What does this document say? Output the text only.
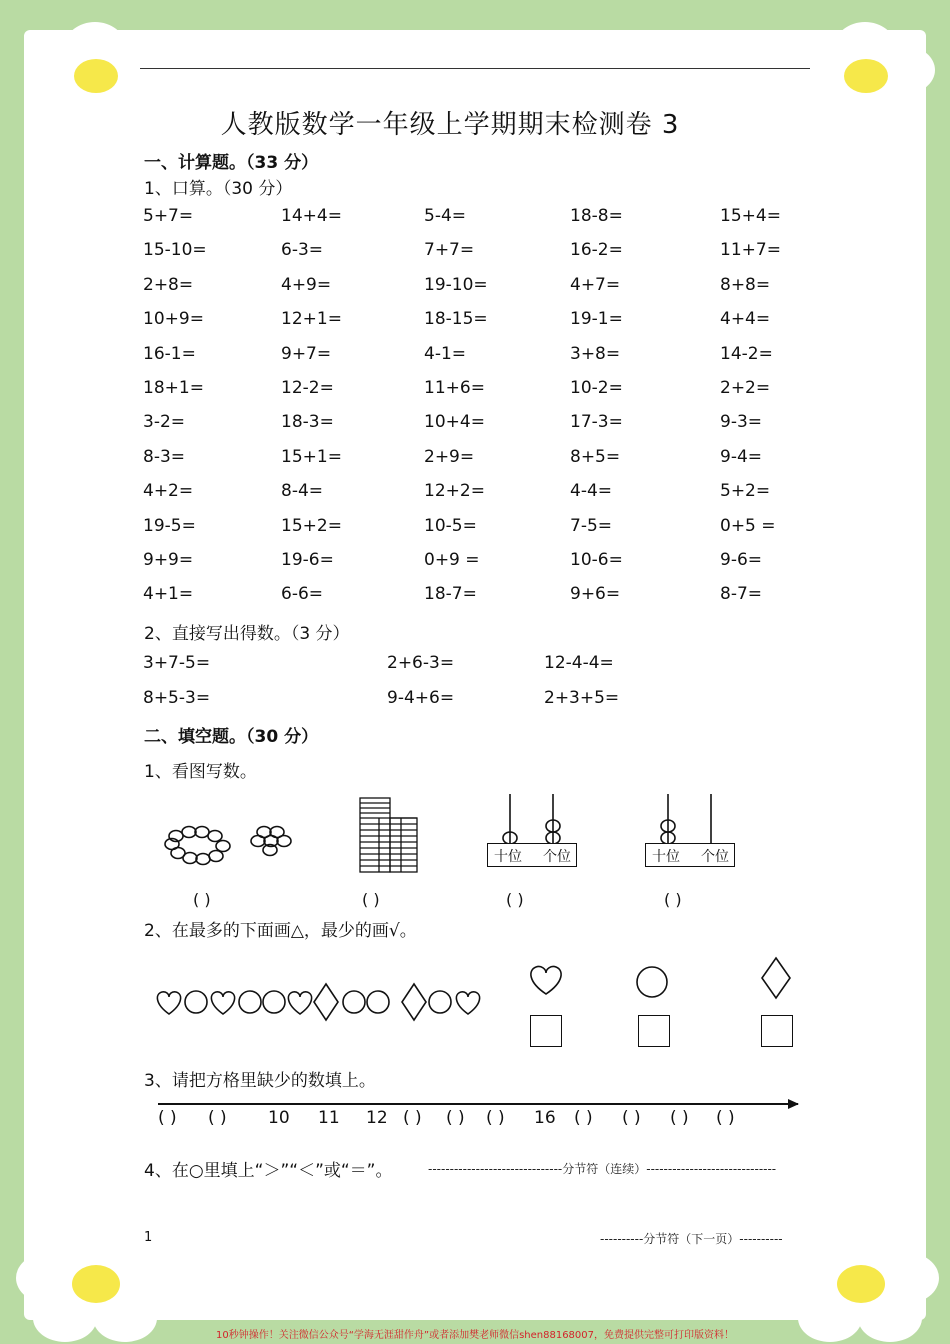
人教版数学一年级上学期期末检测卷 3
一、计算题。（33 分）
1、口算。（30 分）
5+7=	14+4=	5-4=	18-8=	15+4=
15-10=	6-3=	7+7=	16-2=	11+7=
2+8=	4+9=	19-10=	4+7=	8+8=
10+9=	12+1=	18-15=	19-1=	4+4=
16-1=	9+7=	4-1=	3+8=	14-2=
18+1=	12-2=	11+6=	10-2=	2+2=
3-2=	18-3=	10+4=	17-3=	9-3=
8-3=	15+1=	2+9=	8+5=	9-4=
4+2=	8-4=	12+2=	4-4=	5+2=
19-5=	15+2=	10-5=	7-5=	0+5 =
9+9=	19-6=	0+9 =	10-6=	9-6=
4+1=	6-6=	18-7=	9+6=	8-7=
2、直接写出得数。（3 分）
3+7-5=	2+6-3=	12-4-4=
8+5-3=	9-4+6=	2+3+5=
二、填空题。（30 分）
1、看图写数。
十位 个位	十位 个位
( )	( )	( )	( )
2、在最多的下面画△，最少的画√。
3、请把方格里缺少的数填上。
( ) ( ) 10 11 12 ( ) ( ) ( ) 16 ( ) ( ) ( ) ( )
4、在○里填上“＞”“＜”或“＝”。	-------------------------------分节符（连续）------------------------------
1	----------分节符（下一页）----------
10秒钟操作！关注微信公众号“学海无涯甜作舟”或者添加樊老师微信shen88168007，免费提供完整可打印版资料！
